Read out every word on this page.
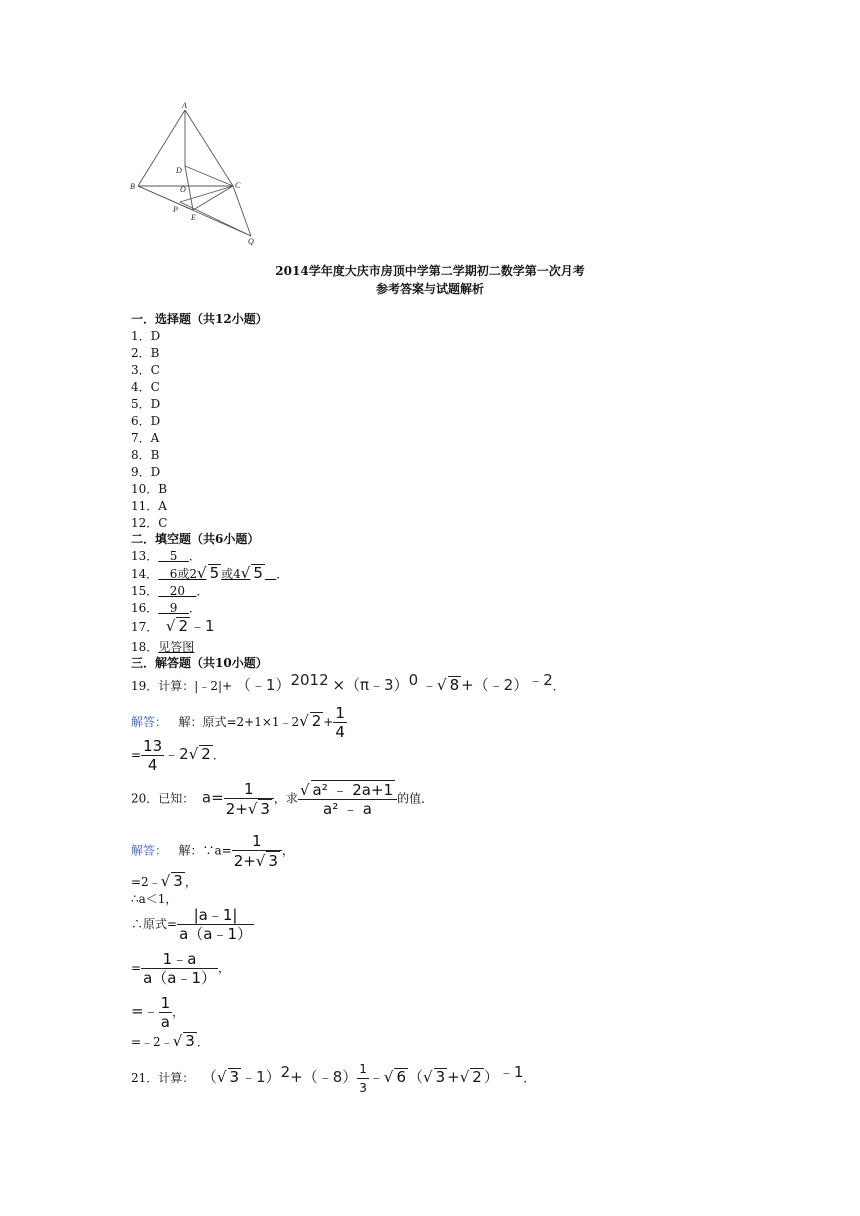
A
B	C
D
O
P
E
Q
2014学年度大庆市房顶中学第二学期初二数学第一次月考
参考答案与试题解析
一．选择题（共12小题）
1．D
2．B
3．C
4．C
5．D
6．D
7．A
8．B
9．D
10．B
11．A
12．C
二．填空题（共6小题）
13． 5 ．
14． 6或2√ 5 或4√ 5 ．
15． 20 ．
16． 9 ．
17． √ 2 ﹣1
18．见答图
三．解答题（共10小题）
19．计算：|﹣2|+ （﹣1）$^{2012}$ ×（π﹣3）$^0$ ﹣√ 8 +（﹣2）$^{﹣2}$．
解答： 解：原式=2+1×1﹣2√ $2 + \frac{1}{4}$
= $\frac{13}{4}$ ﹣2√ 2 ．
20．已知： $a= \frac{1}{2+√ 3}$ ，求 $\frac{\text{√ a² ﹣ 2a+1}}{\text{a² ﹣ a}}$ 的值．
解答： 解：∵a= $\frac{1}{2+√ 3}$ ，
=2﹣√ 3 ，
∴a＜1，
∴原式= $\frac{|a﹣1|}{a(a﹣1)}$
= $\frac{1﹣a}{a(a﹣1)}$ ，
=﹣ $\frac{1}{a}$ ，
=﹣2﹣√ 3 ．
21．计算： （√ 3 ﹣1）$^2$+（﹣8） $\frac{1}{3}$ ﹣√ 6 （√ 3 +√ 2 ）$^{﹣1}$．
